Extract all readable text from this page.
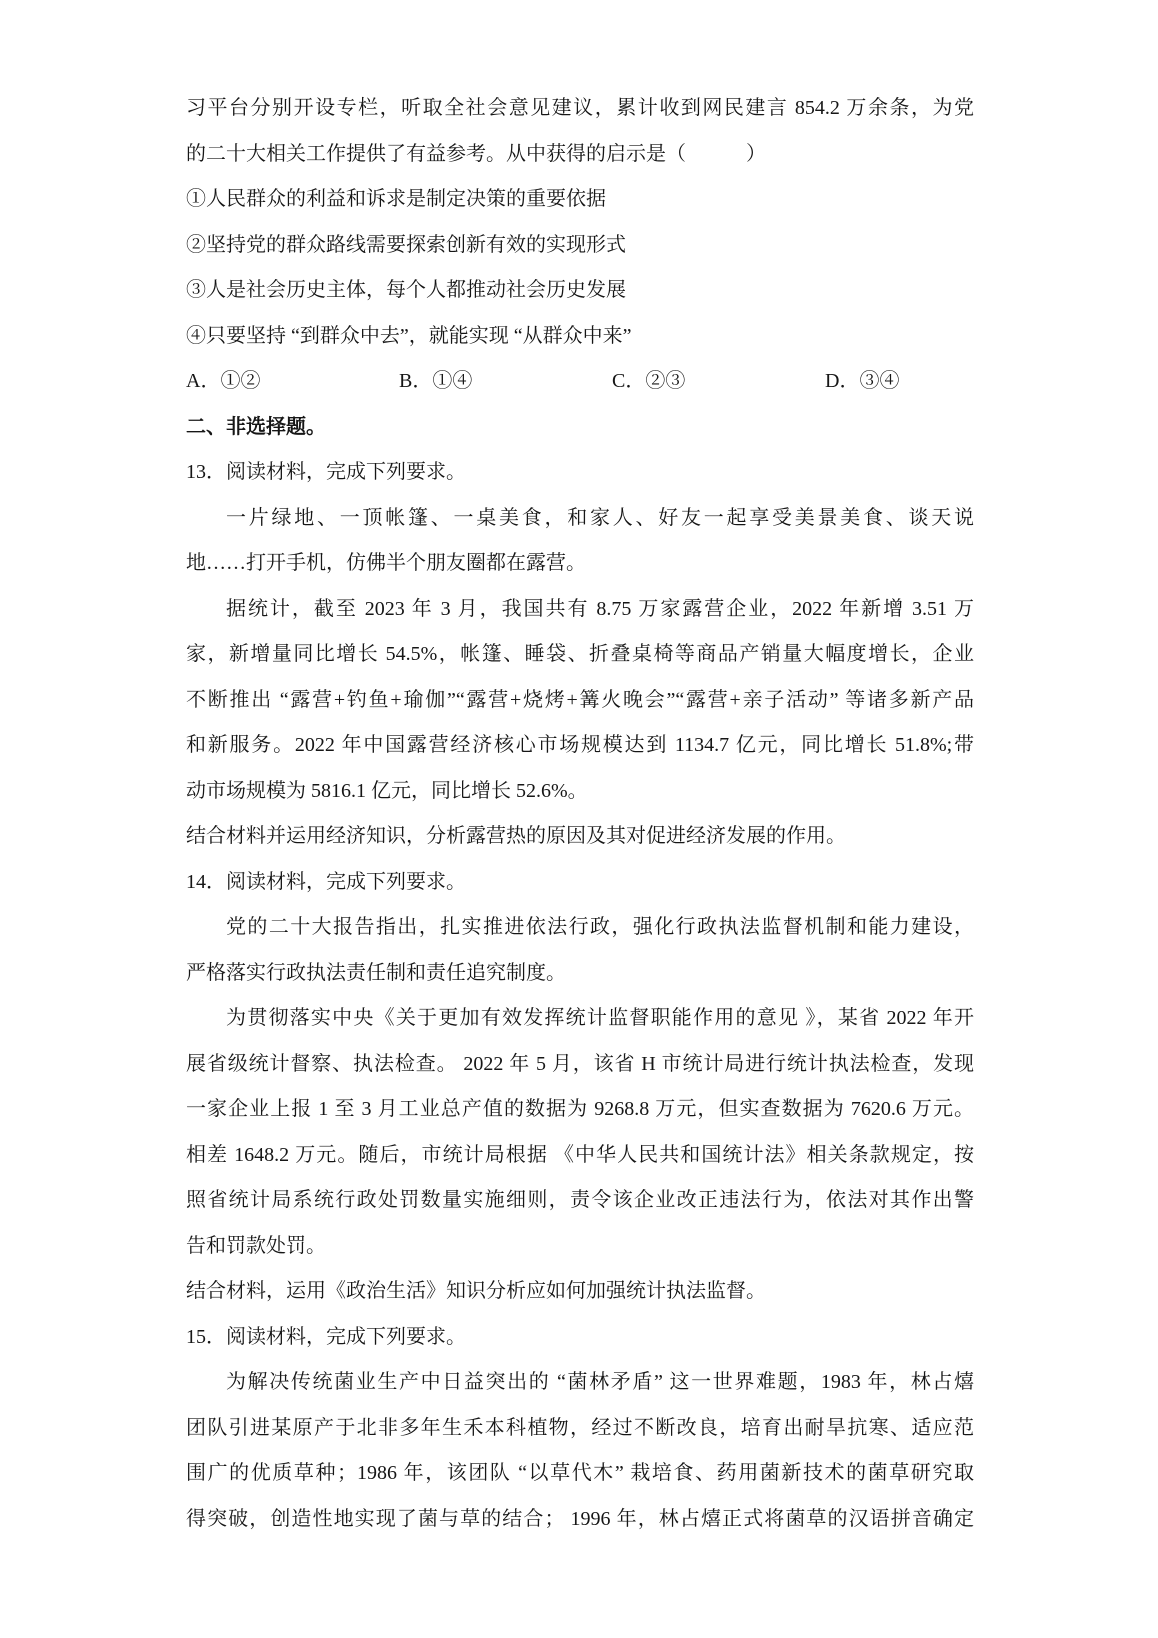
习平台分别开设专栏，听取全社会意见建议，累计收到网民建言 854.2 万余条，为党
的二十大相关工作提供了有益参考。从中获得的启示是（　　　）
①人民群众的利益和诉求是制定决策的重要依据
②坚持党的群众路线需要探索创新有效的实现形式
③人是社会历史主体，每个人都推动社会历史发展
④只要坚持 “到群众中去”，就能实现 “从群众中来”
A．①②	B．①④	C．②③	D．③④
二、非选择题。
13．阅读材料，完成下列要求。
一片绿地、一顶帐篷、一桌美食，和家人、好友一起享受美景美食、谈天说
地……打开手机，仿佛半个朋友圈都在露营。
据统计，截至 2023 年 3 月，我国共有 8.75 万家露营企业，2022 年新增 3.51 万
家，新增量同比增长 54.5%，帐篷、睡袋、折叠桌椅等商品产销量大幅度增长，企业
不断推出 “露营+钓鱼+瑜伽”“露营+烧烤+篝火晚会”“露营+亲子活动” 等诸多新产品
和新服务。2022 年中国露营经济核心市场规模达到 1134.7 亿元，同比增长 51.8%;带
动市场规模为 5816.1 亿元，同比增长 52.6%。
结合材料并运用经济知识，分析露营热的原因及其对促进经济发展的作用。
14．阅读材料，完成下列要求。
党的二十大报告指出，扎实推进依法行政，强化行政执法监督机制和能力建设，
严格落实行政执法责任制和责任追究制度。
为贯彻落实中央《关于更加有效发挥统计监督职能作用的意见 》，某省 2022 年开
展省级统计督察、执法检查。 2022 年 5 月，该省 H 市统计局进行统计执法检查，发现
一家企业上报 1 至 3 月工业总产值的数据为 9268.8 万元，但实查数据为 7620.6 万元。
相差 1648.2 万元。随后，市统计局根据 《中华人民共和国统计法》相关条款规定，按
照省统计局系统行政处罚数量实施细则，责令该企业改正违法行为，依法对其作出警
告和罚款处罚。
结合材料，运用《政治生活》知识分析应如何加强统计执法监督。
15．阅读材料，完成下列要求。
为解决传统菌业生产中日益突出的 “菌林矛盾” 这一世界难题，1983 年，林占熺
团队引进某原产于北非多年生禾本科植物，经过不断改良，培育出耐旱抗寒、适应范
围广的优质草种；1986 年，该团队 “以草代木” 栽培食、药用菌新技术的菌草研究取
得突破，创造性地实现了菌与草的结合； 1996 年，林占熺正式将菌草的汉语拼音确定
